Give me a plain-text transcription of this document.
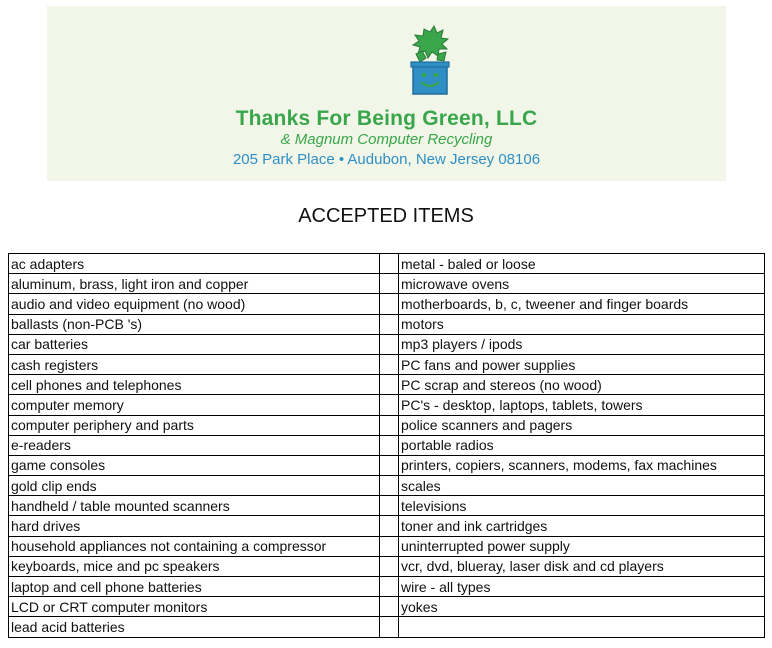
Thanks For Being Green, LLC
& Magnum Computer Recycling
205 Park Place • Audubon, New Jersey 08106
ACCEPTED ITEMS
ac adapters		metal - baled or loose
aluminum, brass, light iron and copper		microwave ovens
audio and video equipment (no wood)		motherboards, b, c, tweener and finger boards
ballasts (non-PCB 's)		motors
car batteries		mp3 players / ipods
cash registers		PC fans and power supplies
cell phones and telephones		PC scrap and stereos (no wood)
computer memory		PC's - desktop, laptops, tablets, towers
computer periphery and parts		police scanners and pagers
e-readers		portable radios
game consoles		printers, copiers, scanners, modems, fax machines
gold clip ends		scales
handheld / table mounted scanners		televisions
hard drives		toner and ink cartridges
household appliances not containing a compressor		uninterrupted power supply
keyboards, mice and pc speakers		vcr, dvd, blueray, laser disk and cd players
laptop and cell phone batteries		wire - all types
LCD or CRT computer monitors		yokes
lead acid batteries		
